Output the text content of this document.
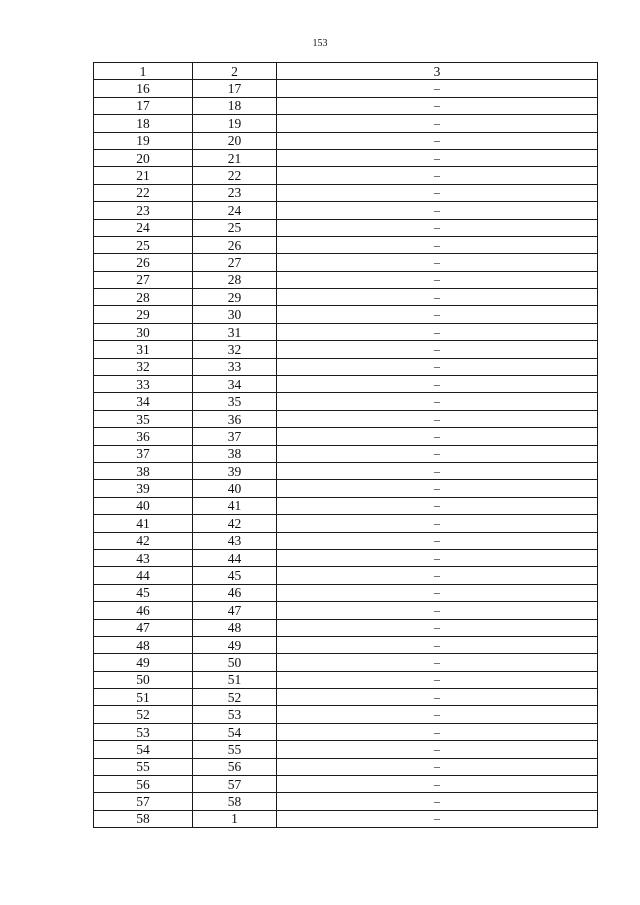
153
1	2	3
16	17	–
17	18	–
18	19	–
19	20	–
20	21	–
21	22	–
22	23	–
23	24	–
24	25	–
25	26	–
26	27	–
27	28	–
28	29	–
29	30	–
30	31	–
31	32	–
32	33	–
33	34	–
34	35	–
35	36	–
36	37	–
37	38	–
38	39	–
39	40	–
40	41	–
41	42	–
42	43	–
43	44	–
44	45	–
45	46	–
46	47	–
47	48	–
48	49	–
49	50	–
50	51	–
51	52	–
52	53	–
53	54	–
54	55	–
55	56	–
56	57	–
57	58	–
58	1	–
